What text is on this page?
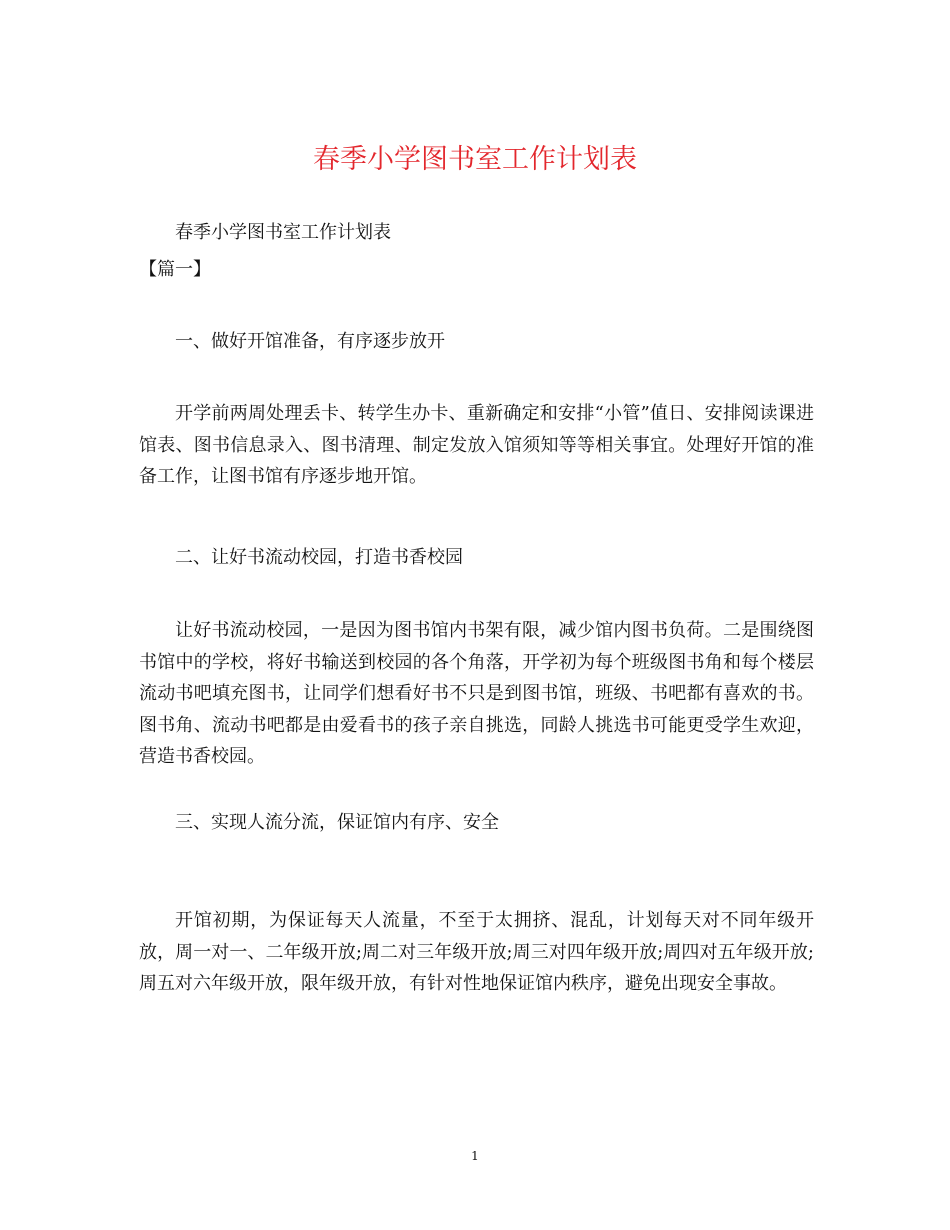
春季小学图书室工作计划表

春季小学图书室工作计划表

【篇一】

一、做好开馆准备，有序逐步放开

开学前两周处理丢卡、转学生办卡、重新确定和安排“小管”值日、安排阅读课进馆表、图书信息录入、图书清理、制定发放入馆须知等等相关事宜。处理好开馆的准备工作，让图书馆有序逐步地开馆。

二、让好书流动校园，打造书香校园

让好书流动校园，一是因为图书馆内书架有限，减少馆内图书负荷。二是围绕图书馆中的学校，将好书输送到校园的各个角落，开学初为每个班级图书角和每个楼层流动书吧填充图书，让同学们想看好书不只是到图书馆，班级、书吧都有喜欢的书。图书角、流动书吧都是由爱看书的孩子亲自挑选，同龄人挑选书可能更受学生欢迎，营造书香校园。

三、实现人流分流，保证馆内有序、安全

开馆初期，为保证每天人流量，不至于太拥挤、混乱，计划每天对不同年级开放，周一对一、二年级开放;周二对三年级开放;周三对四年级开放;周四对五年级开放;周五对六年级开放，限年级开放，有针对性地保证馆内秩序，避免出现安全事故。

1
